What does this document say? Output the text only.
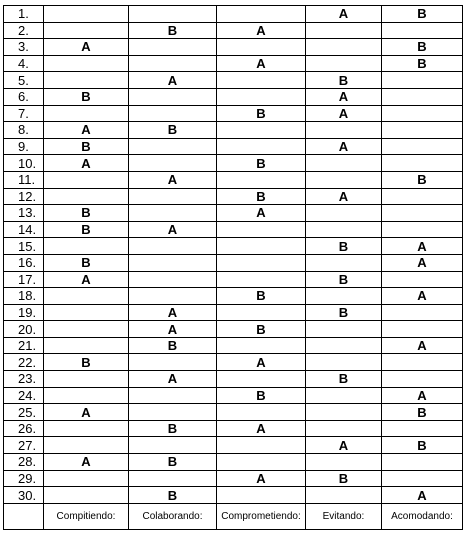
1.				A	B
2.		B	A		
3.	A				B
4.			A		B
5.		A		B	
6.	B			A	
7.			B	A	
8.	A	B			
9.	B			A	
10.	A		B		
11.		A			B
12.			B	A	
13.	B		A		
14.	B	A			
15.				B	A
16.	B				A
17.	A			B	
18.			B		A
19.		A		B	
20.		A	B		
21.		B			A
22.	B		A		
23.		A		B	
24.			B		A
25.	A				B
26.		B	A		
27.				A	B
28.	A	B			
29.			A	B	
30.		B			A
	Compitiendo:	Colaborando:	Comprometiendo:	Evitando:	Acomodando:
